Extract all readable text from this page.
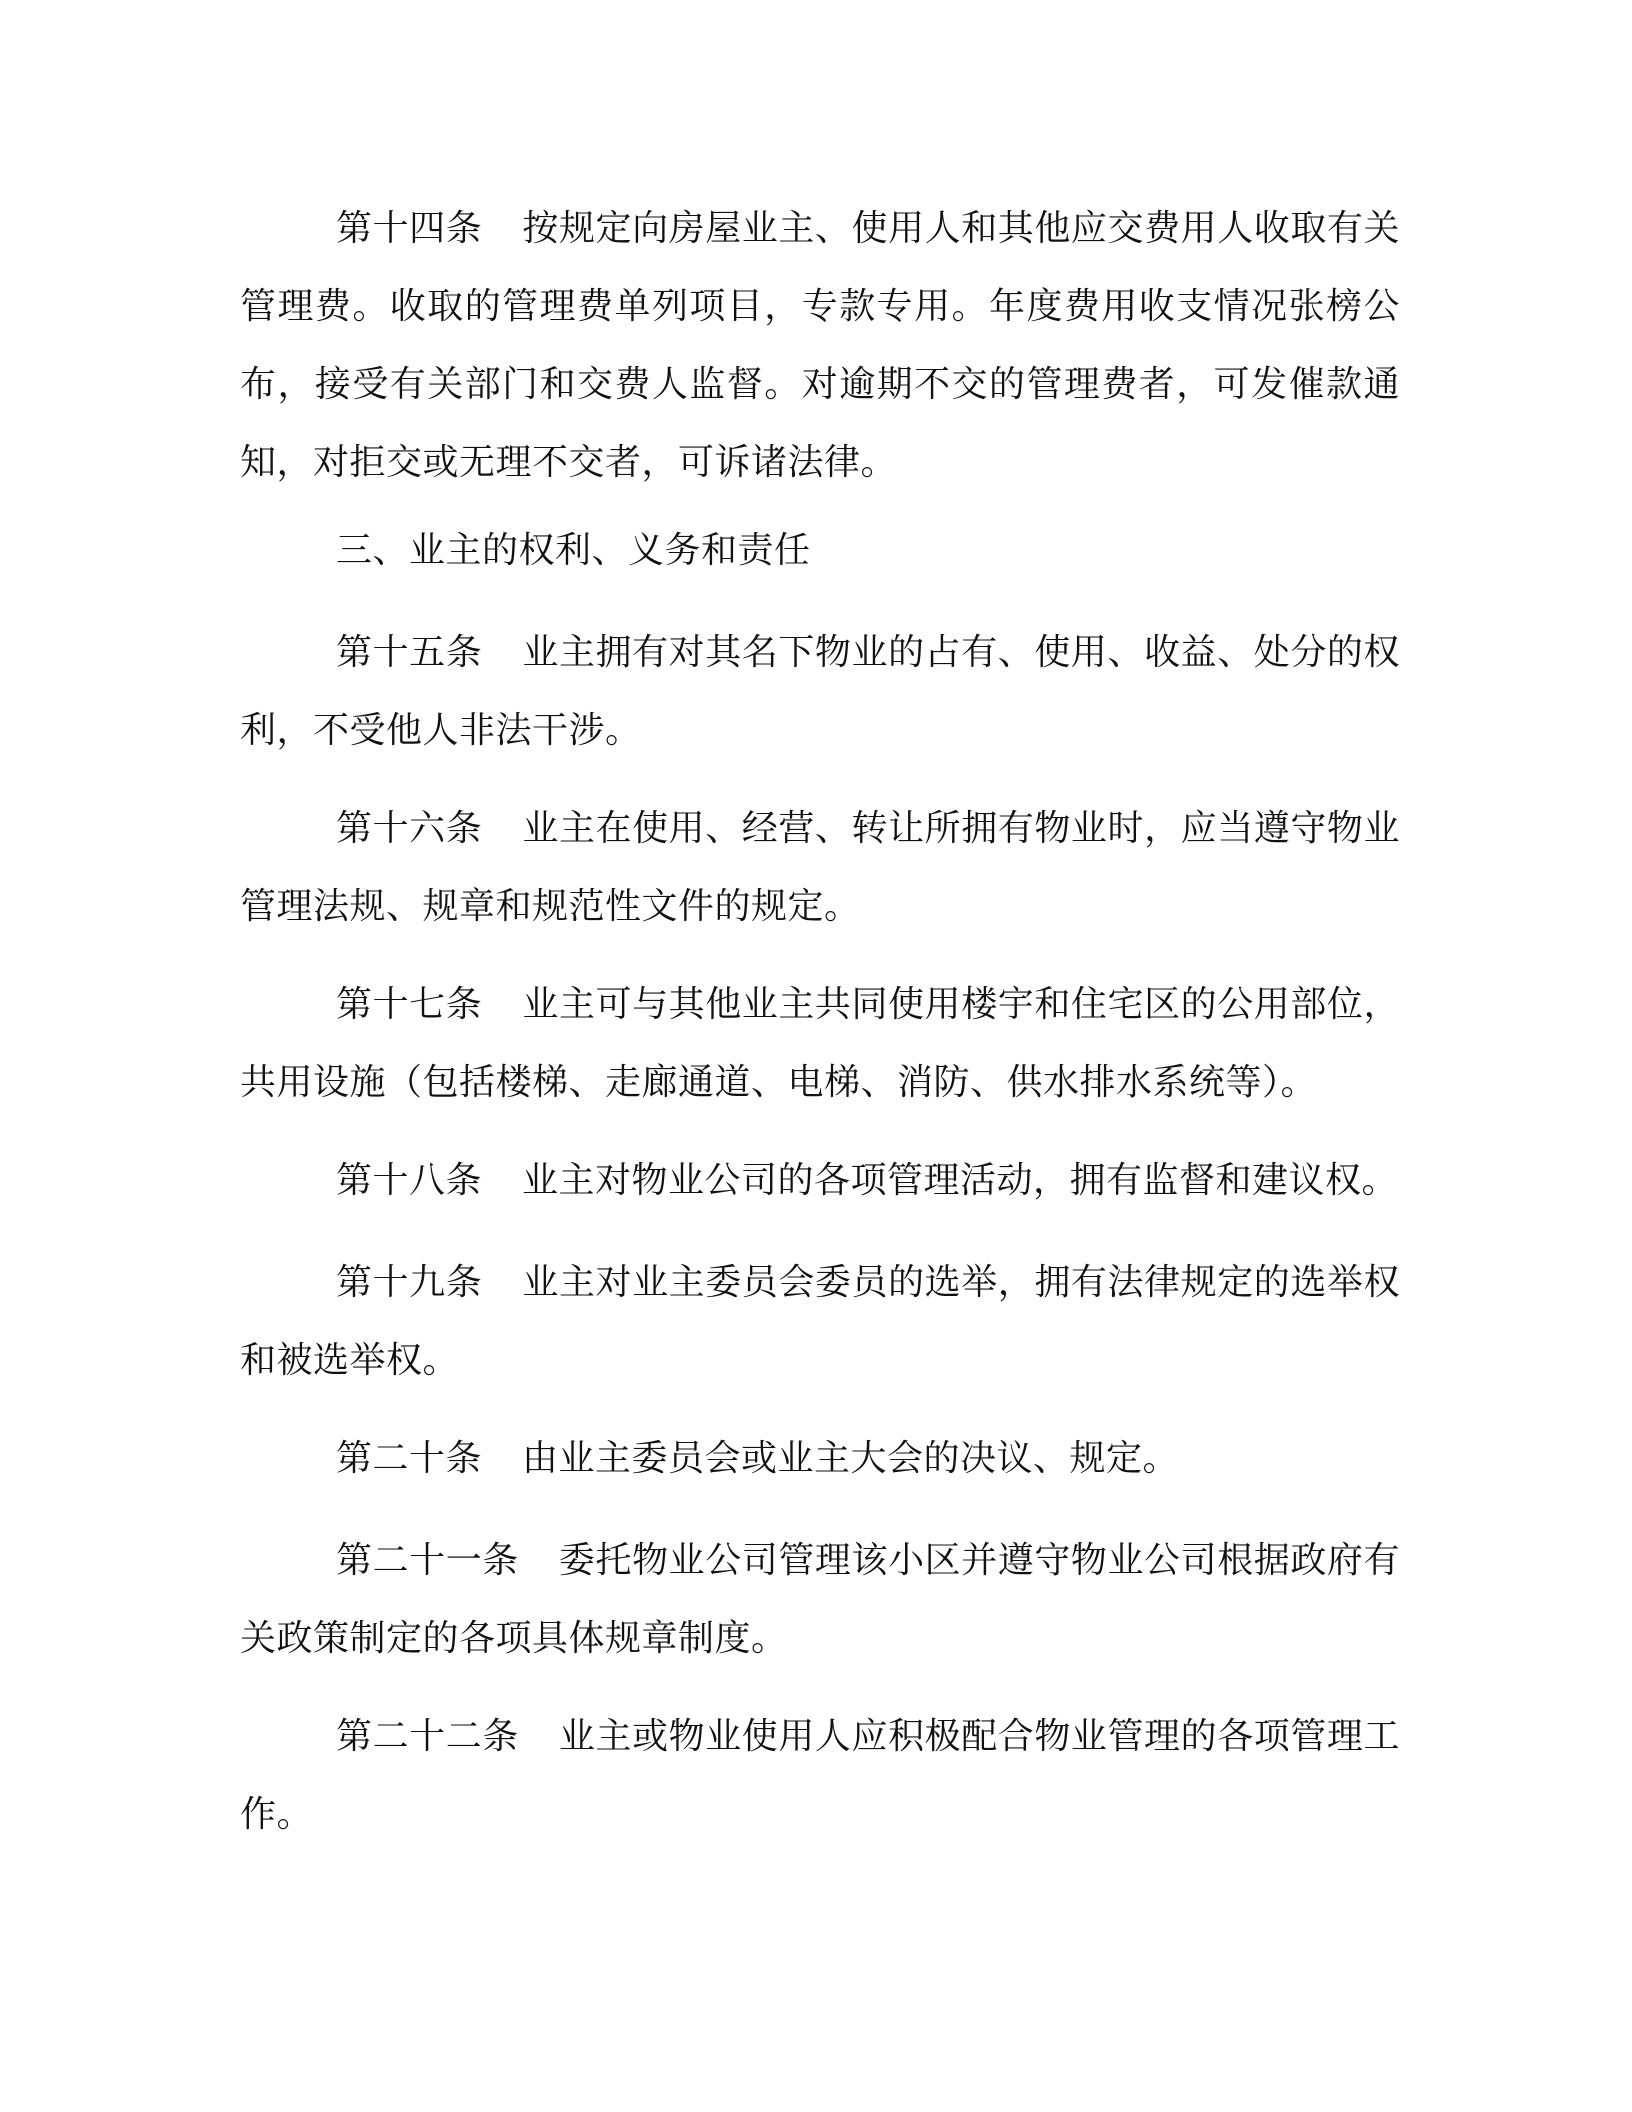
第十四条 按规定向房屋业主、使用人和其他应交费用人收取有关管理费。收取的管理费单列项目，专款专用。年度费用收支情况张榜公布，接受有关部门和交费人监督。对逾期不交的管理费者，可发催款通知，对拒交或无理不交者，可诉诸法律。

三、业主的权利、义务和责任

第十五条 业主拥有对其名下物业的占有、使用、收益、处分的权利，不受他人非法干涉。

第十六条 业主在使用、经营、转让所拥有物业时，应当遵守物业管理法规、规章和规范性文件的规定。

第十七条 业主可与其他业主共同使用楼宇和住宅区的公用部位，共用设施（包括楼梯、走廊通道、电梯、消防、供水排水系统等）。

第十八条 业主对物业公司的各项管理活动，拥有监督和建议权。

第十九条 业主对业主委员会委员的选举，拥有法律规定的选举权和被选举权。

第二十条 由业主委员会或业主大会的决议、规定。

第二十一条 委托物业公司管理该小区并遵守物业公司根据政府有关政策制定的各项具体规章制度。

第二十二条 业主或物业使用人应积极配合物业管理的各项管理工作。
